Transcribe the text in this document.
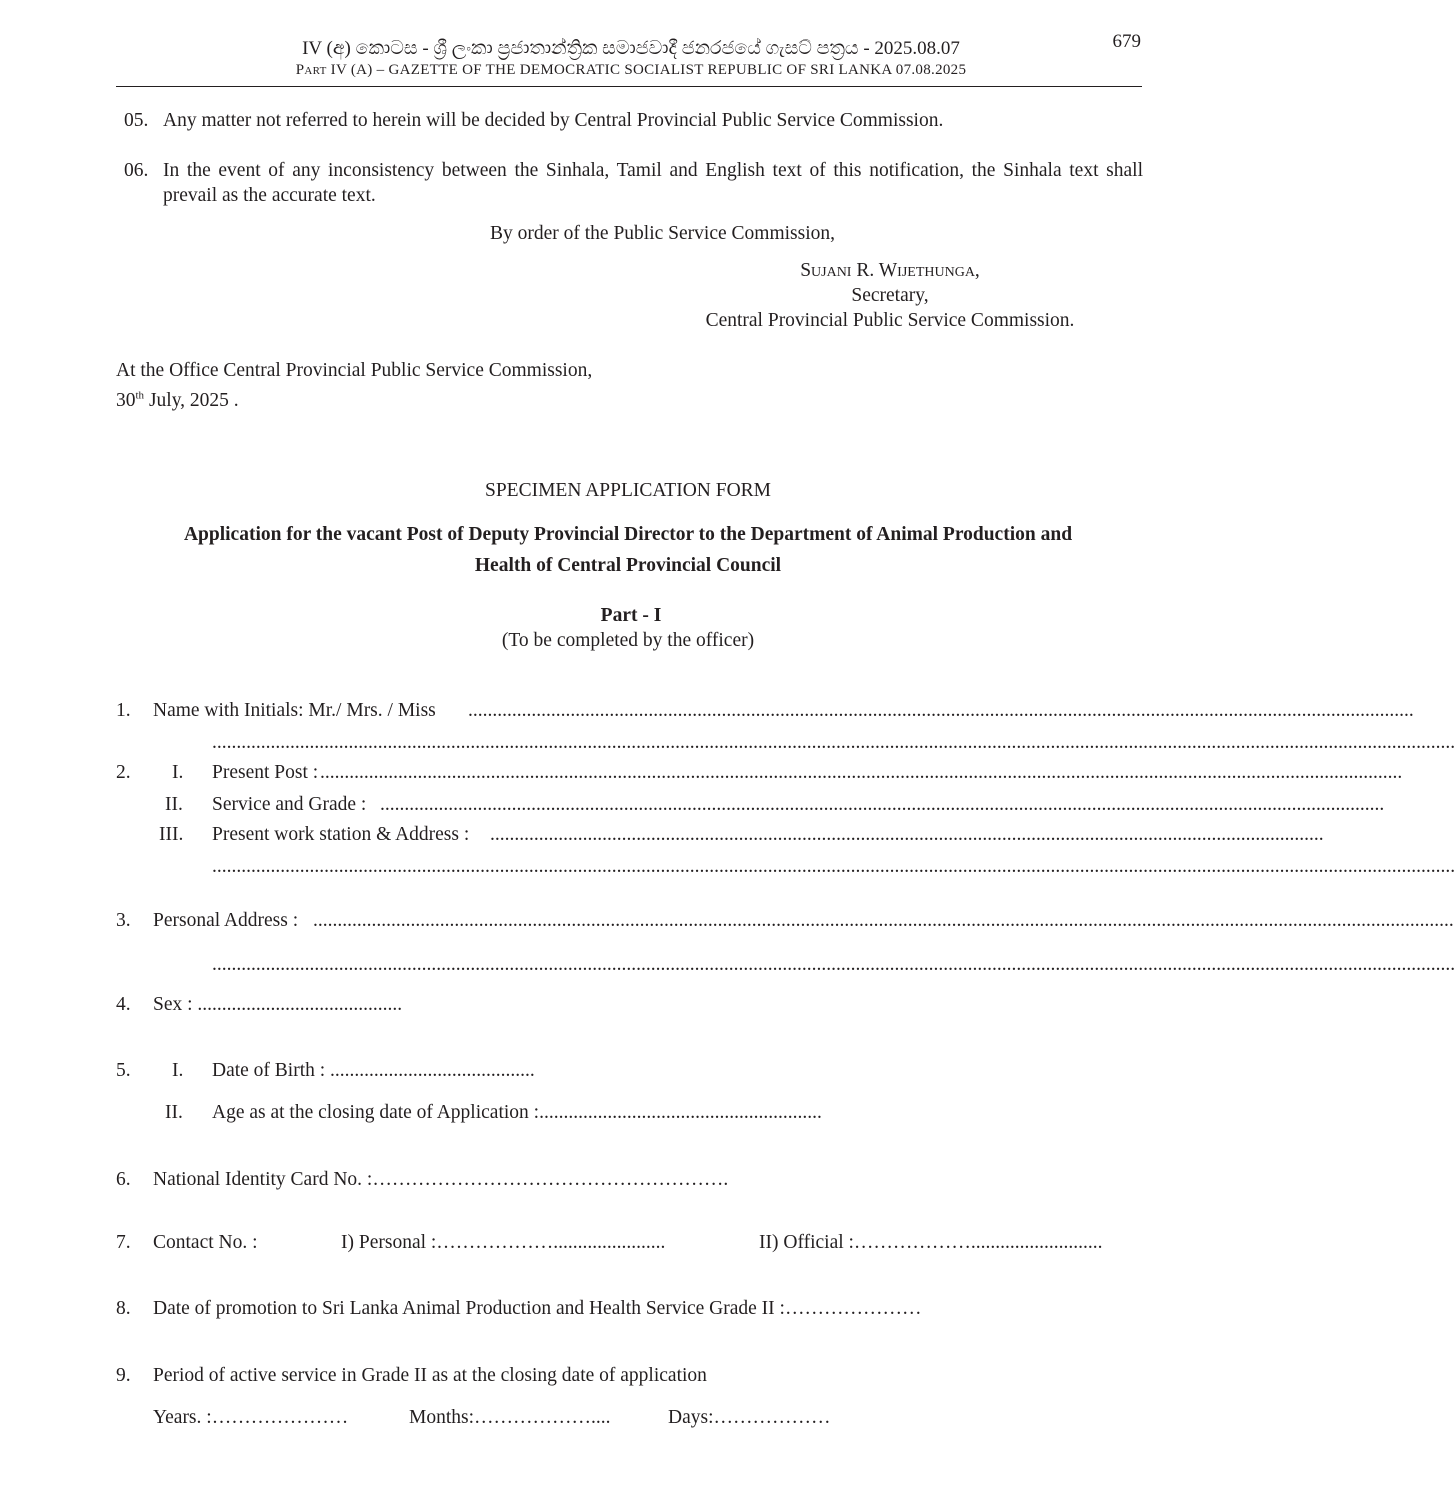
IV (අ) කොටස - ශ්‍රී ලංකා ප්‍රජාතාන්ත්‍රික සමාජවාදී ජනරජයේ ගැසට් පත්‍රය - 2025.08.07
Part IV (A) – GAZETTE OF THE DEMOCRATIC SOCIALIST REPUBLIC OF SRI LANKA 07.08.2025
679
05. Any matter not referred to herein will be decided by Central Provincial Public Service Commission.
06. In the event of any inconsistency between the Sinhala, Tamil and English text of this notification, the Sinhala text shall
prevail as the accurate text.
By order of the Public Service Commission,
Sujani R. Wijethunga,
Secretary,
Central Provincial Public Service Commission.
At the Office Central Provincial Public Service Commission,
30th July, 2025 .
SPECIMEN APPLICATION FORM
Application for the vacant Post of Deputy Provincial Director to the Department of Animal Production and
Health of Central Provincial Council
Part - I
(To be completed by the officer)
1. Name with Initials: Mr./ Mrs. / Miss ..................................................................................................................................................................................................
...............................................................................................................................................................................................................................................................
2. I. Present Post : ..............................................................................................................................................................................................................................
II. Service and Grade : ..............................................................................................................................................................................................................
III. Present work station & Address : ...........................................................................................................................................................................
...............................................................................................................................................................................................................................................................
3. Personal Address : ..........................................................................................................................................................................................................................................
...............................................................................................................................................................................................................................................................
4. Sex : ..........................................
5. I. Date of Birth : ..........................................
II. Age as at the closing date of Application :..........................................................
6. National Identity Card No. :……………………………………………….
7. Contact No. :	I) Personal :……………….......................	II) Official :………………...........................
8. Date of promotion to Sri Lanka Animal Production and Health Service Grade II :…………………
9. Period of active service in Grade II as at the closing date of application
Years. :…………………	Months:………………....	Days:………………
